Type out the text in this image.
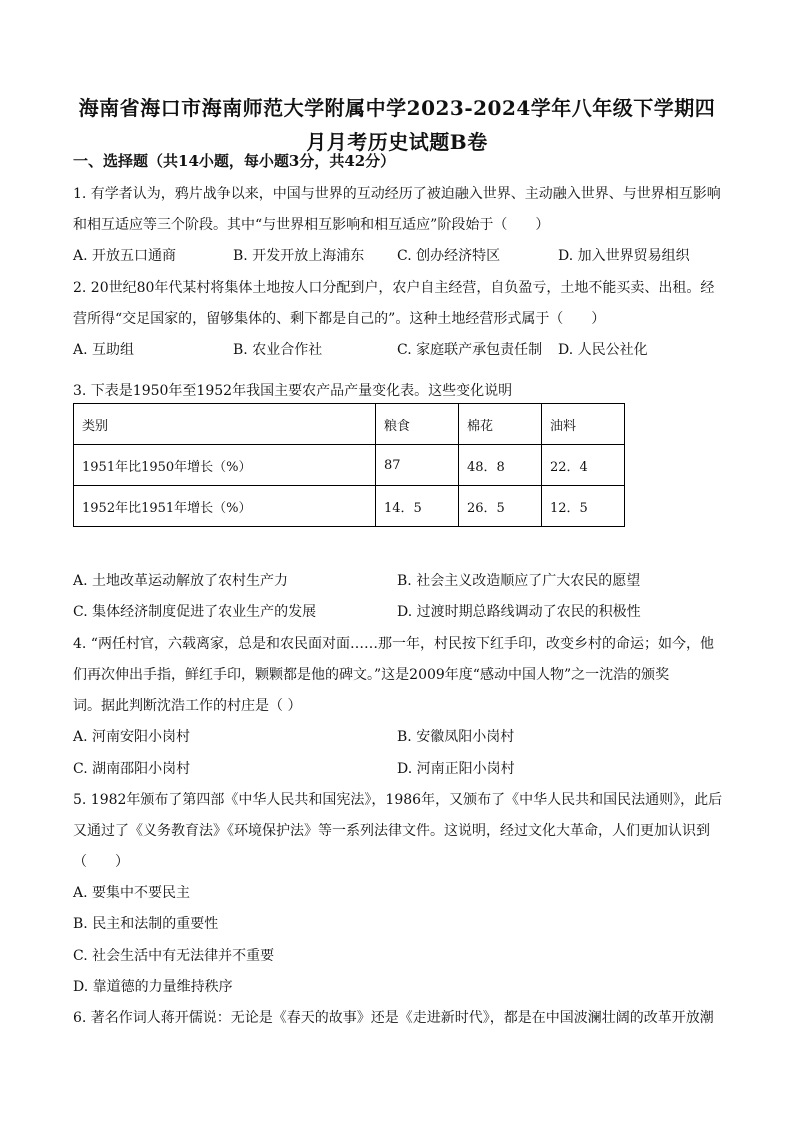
海南省海口市海南师范大学附属中学2023-2024学年八年级下学期四
月月考历史试题B卷
一、选择题（共14小题，每小题3分，共42分）
1. 有学者认为，鸦片战争以来，中国与世界的互动经历了被迫融入世界、主动融入世界、与世界相互影响
和相互适应等三个阶段。其中“与世界相互影响和相互适应”阶段始于（　　）
A. 开放五口通商	B. 开发开放上海浦东 C. 创办经济特区	D. 加入世界贸易组织
2. 20世纪80年代某村将集体土地按人口分配到户，农户自主经营，自负盈亏，土地不能买卖、出租。经
营所得“交足国家的，留够集体的、剩下都是自己的”。这种土地经营形式属于（　　）
A. 互助组	B. 农业合作社	C. 家庭联产承包责任制 D. 人民公社化
3. 下表是1950年至1952年我国主要农产品产量变化表。这些变化说明
类别	粮食	棉花	油料
1951年比1950年增长（%）	87	48．8	22．4
1952年比1951年增长（%）	14．5	26．5	12．5
A. 土地改革运动解放了农村生产力	B. 社会主义改造顺应了广大农民的愿望
C. 集体经济制度促进了农业生产的发展	D. 过渡时期总路线调动了农民的积极性
4. “两任村官，六载离家，总是和农民面对面……那一年，村民按下红手印，改变乡村的命运；如今，他
们再次伸出手指，鲜红手印，颗颗都是他的碑文。”这是2009年度“感动中国人物”之一沈浩的颁奖
词。据此判断沈浩工作的村庄是（ ）
A. 河南安阳小岗村	B. 安徽凤阳小岗村
C. 湖南邵阳小岗村	D. 河南正阳小岗村
5. 1982年颁布了第四部《中华人民共和国宪法》，1986年，又颁布了《中华人民共和国民法通则》，此后
又通过了《义务教育法》《环境保护法》等一系列法律文件。这说明，经过文化大革命，人们更加认识到
（　　）
A. 要集中不要民主
B. 民主和法制的重要性
C. 社会生活中有无法律并不重要
D. 靠道德的力量维持秩序
6. 著名作词人蒋开儒说：无论是《春天的故事》还是《走进新时代》，都是在中国波澜壮阔的改革开放潮
